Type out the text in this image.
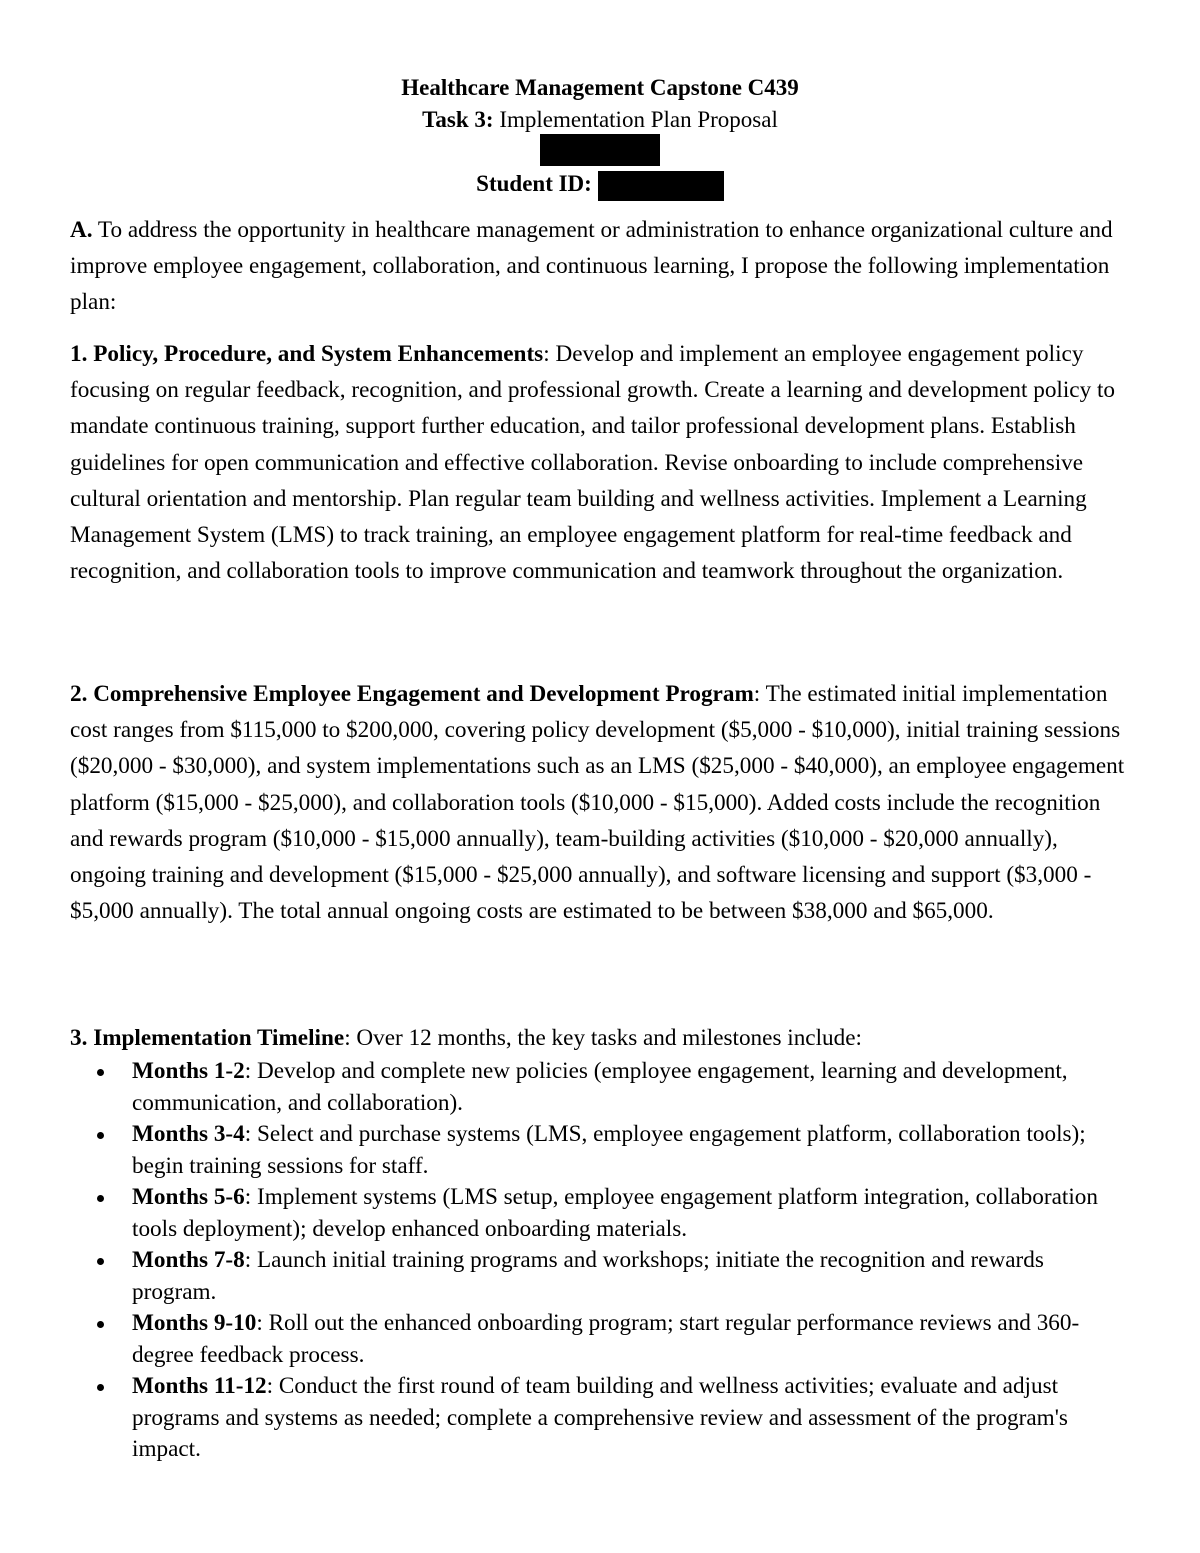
Healthcare Management Capstone C439
Task 3: Implementation Plan Proposal
Student ID:

A. To address the opportunity in healthcare management or administration to enhance organizational culture and improve employee engagement, collaboration, and continuous learning, I propose the following implementation plan:

1. Policy, Procedure, and System Enhancements: Develop and implement an employee engagement policy focusing on regular feedback, recognition, and professional growth. Create a learning and development policy to mandate continuous training, support further education, and tailor professional development plans. Establish guidelines for open communication and effective collaboration. Revise onboarding to include comprehensive cultural orientation and mentorship. Plan regular team building and wellness activities. Implement a Learning Management System (LMS) to track training, an employee engagement platform for real-time feedback and recognition, and collaboration tools to improve communication and teamwork throughout the organization.

2. Comprehensive Employee Engagement and Development Program: The estimated initial implementation cost ranges from $115,000 to $200,000, covering policy development ($5,000 - $10,000), initial training sessions ($20,000 - $30,000), and system implementations such as an LMS ($25,000 - $40,000), an employee engagement platform ($15,000 - $25,000), and collaboration tools ($10,000 - $15,000). Added costs include the recognition and rewards program ($10,000 - $15,000 annually), team-building activities ($10,000 - $20,000 annually), ongoing training and development ($15,000 - $25,000 annually), and software licensing and support ($3,000 - $5,000 annually). The total annual ongoing costs are estimated to be between $38,000 and $65,000.

3. Implementation Timeline: Over 12 months, the key tasks and milestones include:

Months 1-2: Develop and complete new policies (employee engagement, learning and development, communication, and collaboration).
Months 3-4: Select and purchase systems (LMS, employee engagement platform, collaboration tools); begin training sessions for staff.
Months 5-6: Implement systems (LMS setup, employee engagement platform integration, collaboration tools deployment); develop enhanced onboarding materials.
Months 7-8: Launch initial training programs and workshops; initiate the recognition and rewards program.
Months 9-10: Roll out the enhanced onboarding program; start regular performance reviews and 360-degree feedback process.
Months 11-12: Conduct the first round of team building and wellness activities; evaluate and adjust programs and systems as needed; complete a comprehensive review and assessment of the program's impact.
